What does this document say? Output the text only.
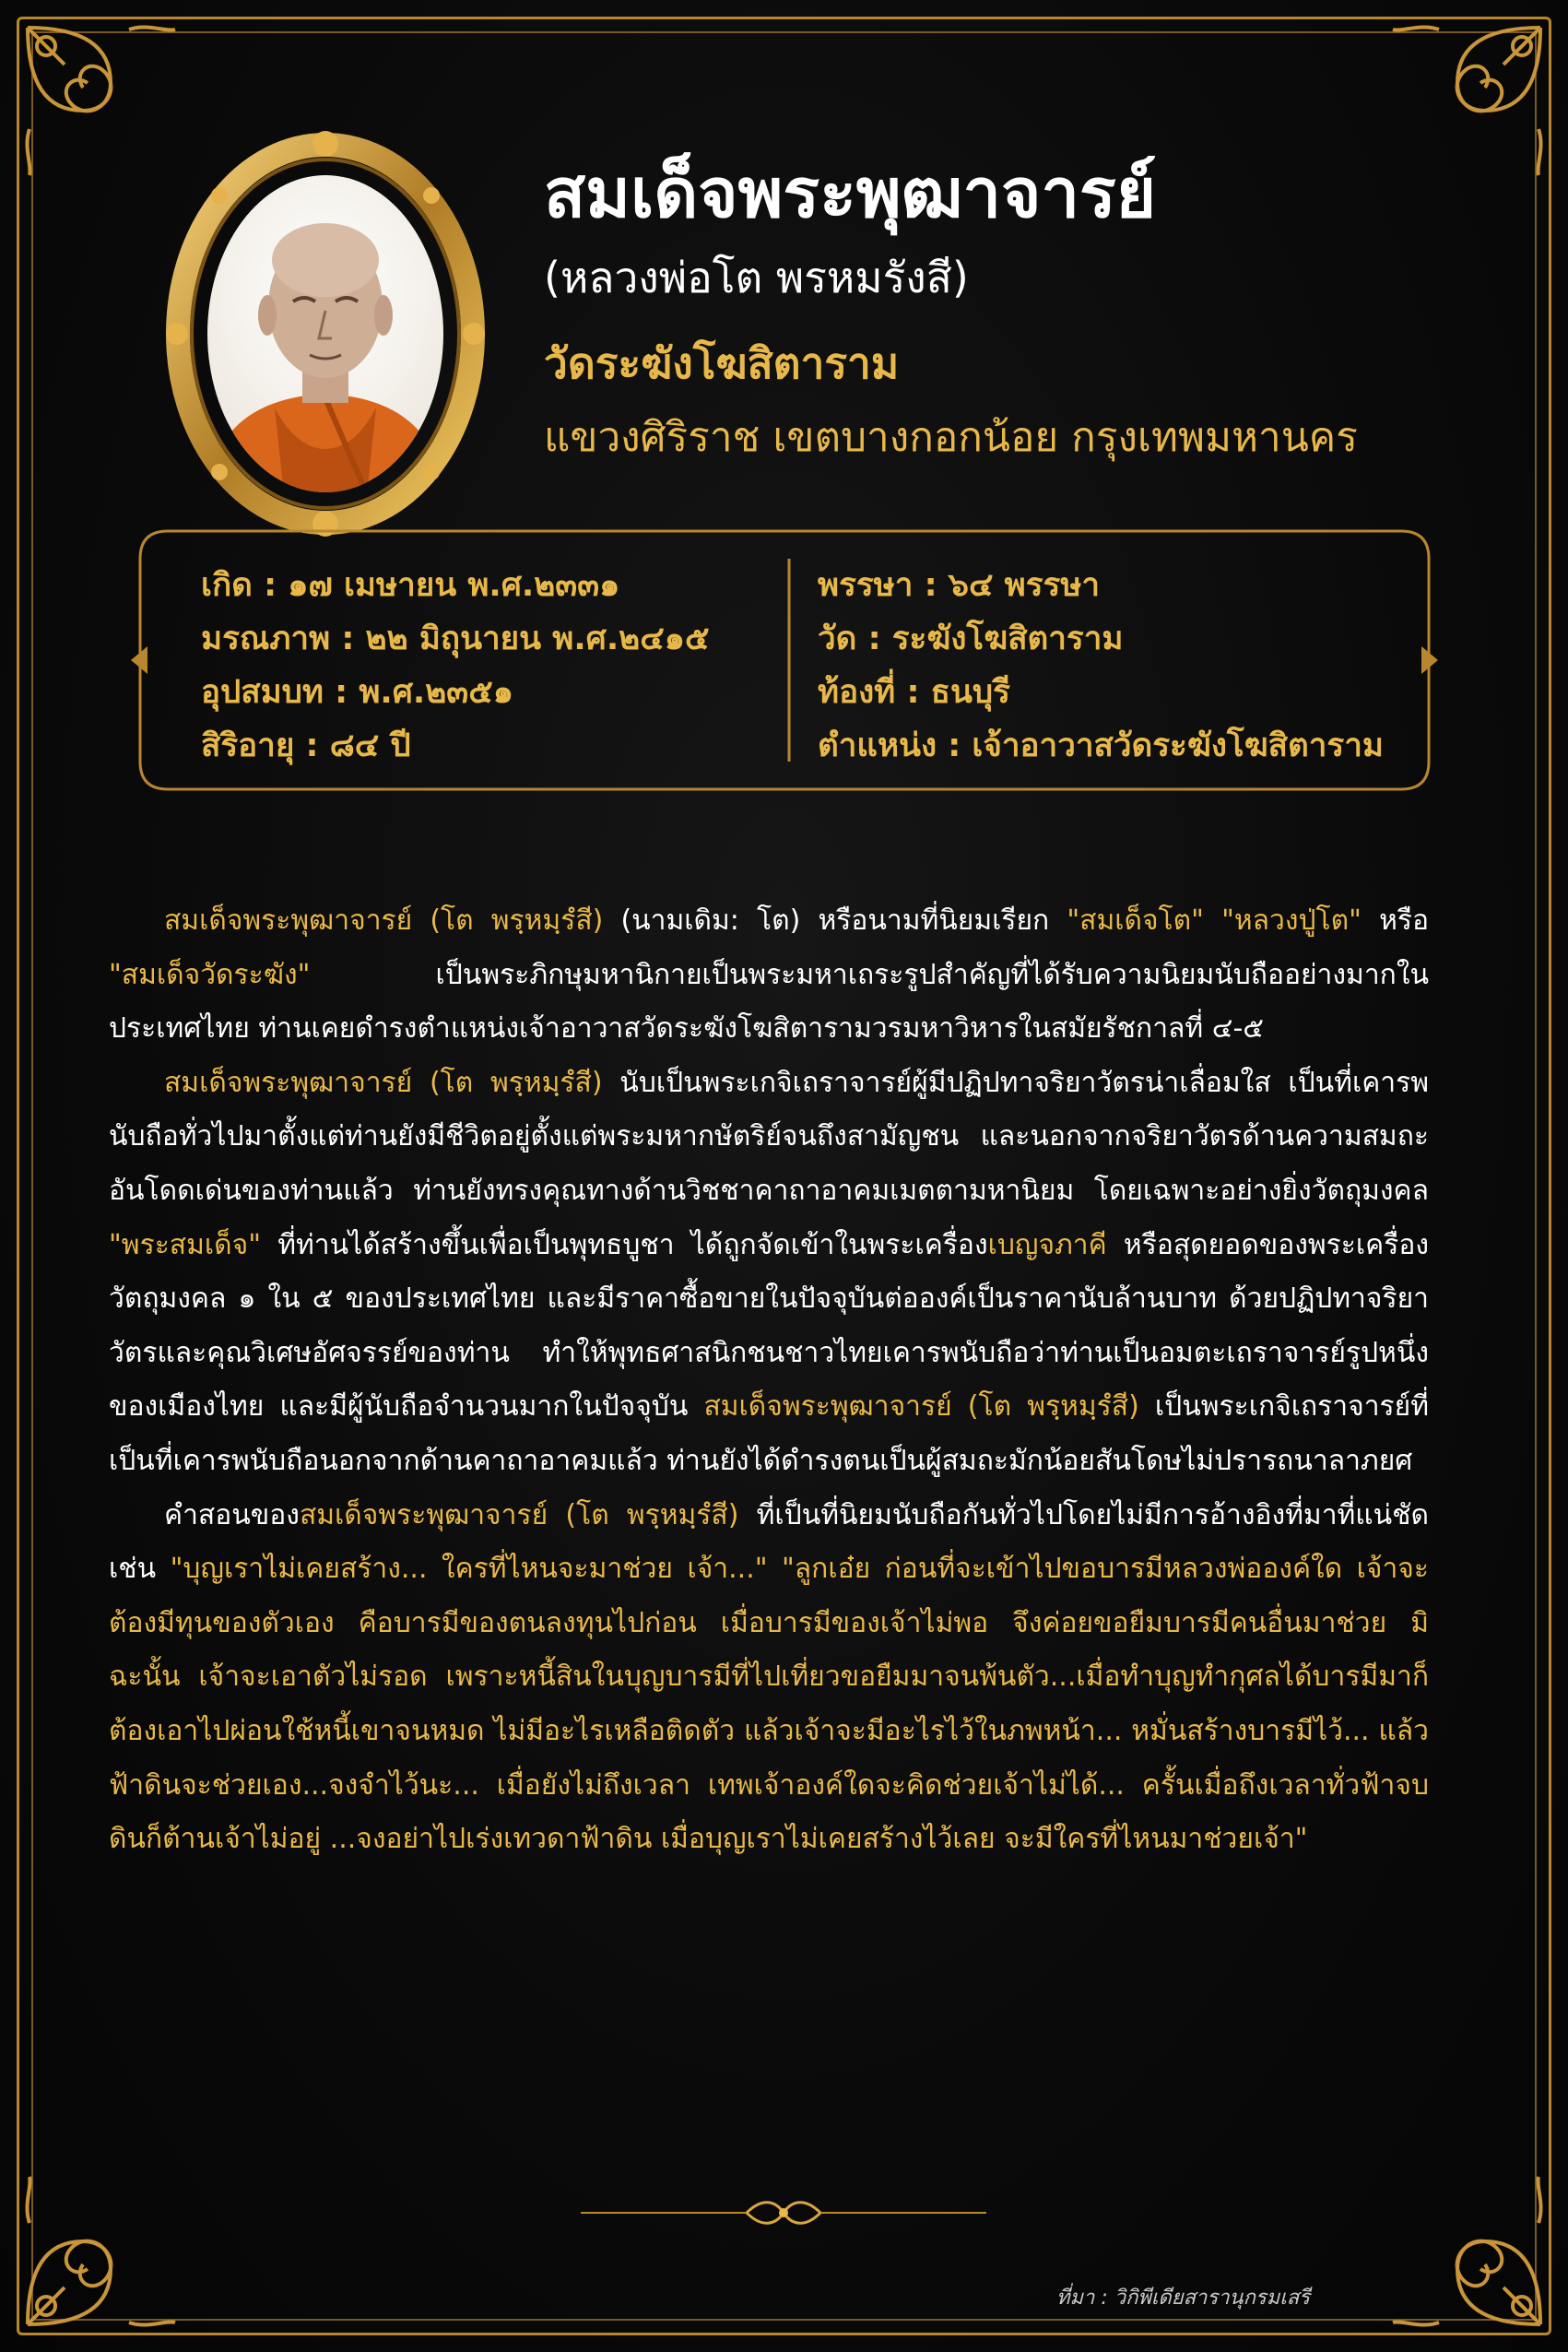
สมเด็จพระพุฒาจารย์
(หลวงพ่อโต พรหมรังสี)
วัดระฆังโฆสิตาราม
แขวงศิริราช เขตบางกอกน้อย กรุงเทพมหานคร
เกิด : ๑๗ เมษายน พ.ศ.๒๓๓๑
มรณภาพ : ๒๒ มิถุนายน พ.ศ.๒๔๑๕
อุปสมบท : พ.ศ.๒๓๕๑
สิริอายุ : ๘๔ ปี
พรรษา : ๖๔ พรรษา
วัด : ระฆังโฆสิตาราม
ท้องที่ : ธนบุรี
ตำแหน่ง : เจ้าอาวาสวัดระฆังโฆสิตาราม

สมเด็จพระพุฒาจารย์ (โต พรฺหมฺรํสี) (นามเดิม: โต) หรือนามที่นิยมเรียก "สมเด็จโต" "หลวงปู่โต" หรือ "สมเด็จวัดระฆัง" เป็นพระภิกษุมหานิกายเป็นพระมหาเถระรูปสำคัญที่ได้รับความนิยมนับถืออย่างมากในประเทศไทย ท่านเคยดำรงตำแหน่งเจ้าอาวาสวัดระฆังโฆสิตารามวรมหาวิหารในสมัยรัชกาลที่ ๔-๕

สมเด็จพระพุฒาจารย์ (โต พรฺหมฺรํสี) นับเป็นพระเกจิเถราจารย์ผู้มีปฏิปทาจริยาวัตรน่าเลื่อมใส เป็นที่เคารพนับถือทั่วไปมาตั้งแต่ท่านยังมีชีวิตอยู่ตั้งแต่พระมหากษัตริย์จนถึงสามัญชน และนอกจากจริยาวัตรด้านความสมถะอันโดดเด่นของท่านแล้ว ท่านยังทรงคุณทางด้านวิชชาคาถาอาคมเมตตามหานิยม โดยเฉพาะอย่างยิ่งวัตถุมงคล "พระสมเด็จ" ที่ท่านได้สร้างขึ้นเพื่อเป็นพุทธบูชา ได้ถูกจัดเข้าในพระเครื่องเบญจภาคี หรือสุดยอดของพระเครื่องวัตถุมงคล ๑ ใน ๕ ของประเทศไทย และมีราคาซื้อขายในปัจจุบันต่อองค์เป็นราคานับล้านบาท ด้วยปฏิปทาจริยาวัตรและคุณวิเศษอัศจรรย์ของท่าน ทำให้พุทธศาสนิกชนชาวไทยเคารพนับถือว่าท่านเป็นอมตะเถราจารย์รูปหนึ่งของเมืองไทย และมีผู้นับถือจำนวนมากในปัจจุบัน สมเด็จพระพุฒาจารย์ (โต พรฺหมฺรํสี) เป็นพระเกจิเถราจารย์ที่เป็นที่เคารพนับถือนอกจากด้านคาถาอาคมแล้ว ท่านยังได้ดำรงตนเป็นผู้สมถะมักน้อยสันโดษไม่ปรารถนาลาภยศ

คำสอนของสมเด็จพระพุฒาจารย์ (โต พรฺหมฺรํสี) ที่เป็นที่นิยมนับถือกันทั่วไปโดยไม่มีการอ้างอิงที่มาที่แน่ชัด เช่น "บุญเราไม่เคยสร้าง... ใครที่ไหนจะมาช่วย เจ้า..." "ลูกเอ๋ย ก่อนที่จะเข้าไปขอบารมีหลวงพ่อองค์ใด เจ้าจะต้องมีทุนของตัวเอง คือบารมีของตนลงทุนไปก่อน เมื่อบารมีของเจ้าไม่พอ จึงค่อยขอยืมบารมีคนอื่นมาช่วย มิฉะนั้น เจ้าจะเอาตัวไม่รอด เพราะหนี้สินในบุญบารมีที่ไปเที่ยวขอยืมมาจนพ้นตัว...เมื่อทำบุญทำกุศลได้บารมีมาก็ต้องเอาไปผ่อนใช้หนี้เขาจนหมด ไม่มีอะไรเหลือติดตัว แล้วเจ้าจะมีอะไรไว้ในภพหน้า... หมั่นสร้างบารมีไว้... แล้วฟ้าดินจะช่วยเอง...จงจำไว้นะ... เมื่อยังไม่ถึงเวลา เทพเจ้าองค์ใดจะคิดช่วยเจ้าไม่ได้... ครั้นเมื่อถึงเวลาทั่วฟ้าจบดินก็ต้านเจ้าไม่อยู่ ...จงอย่าไปเร่งเทวดาฟ้าดิน เมื่อบุญเราไม่เคยสร้างไว้เลย จะมีใครที่ไหนมาช่วยเจ้า"

ที่มา : วิกิพีเดียสารานุกรมเสรี
